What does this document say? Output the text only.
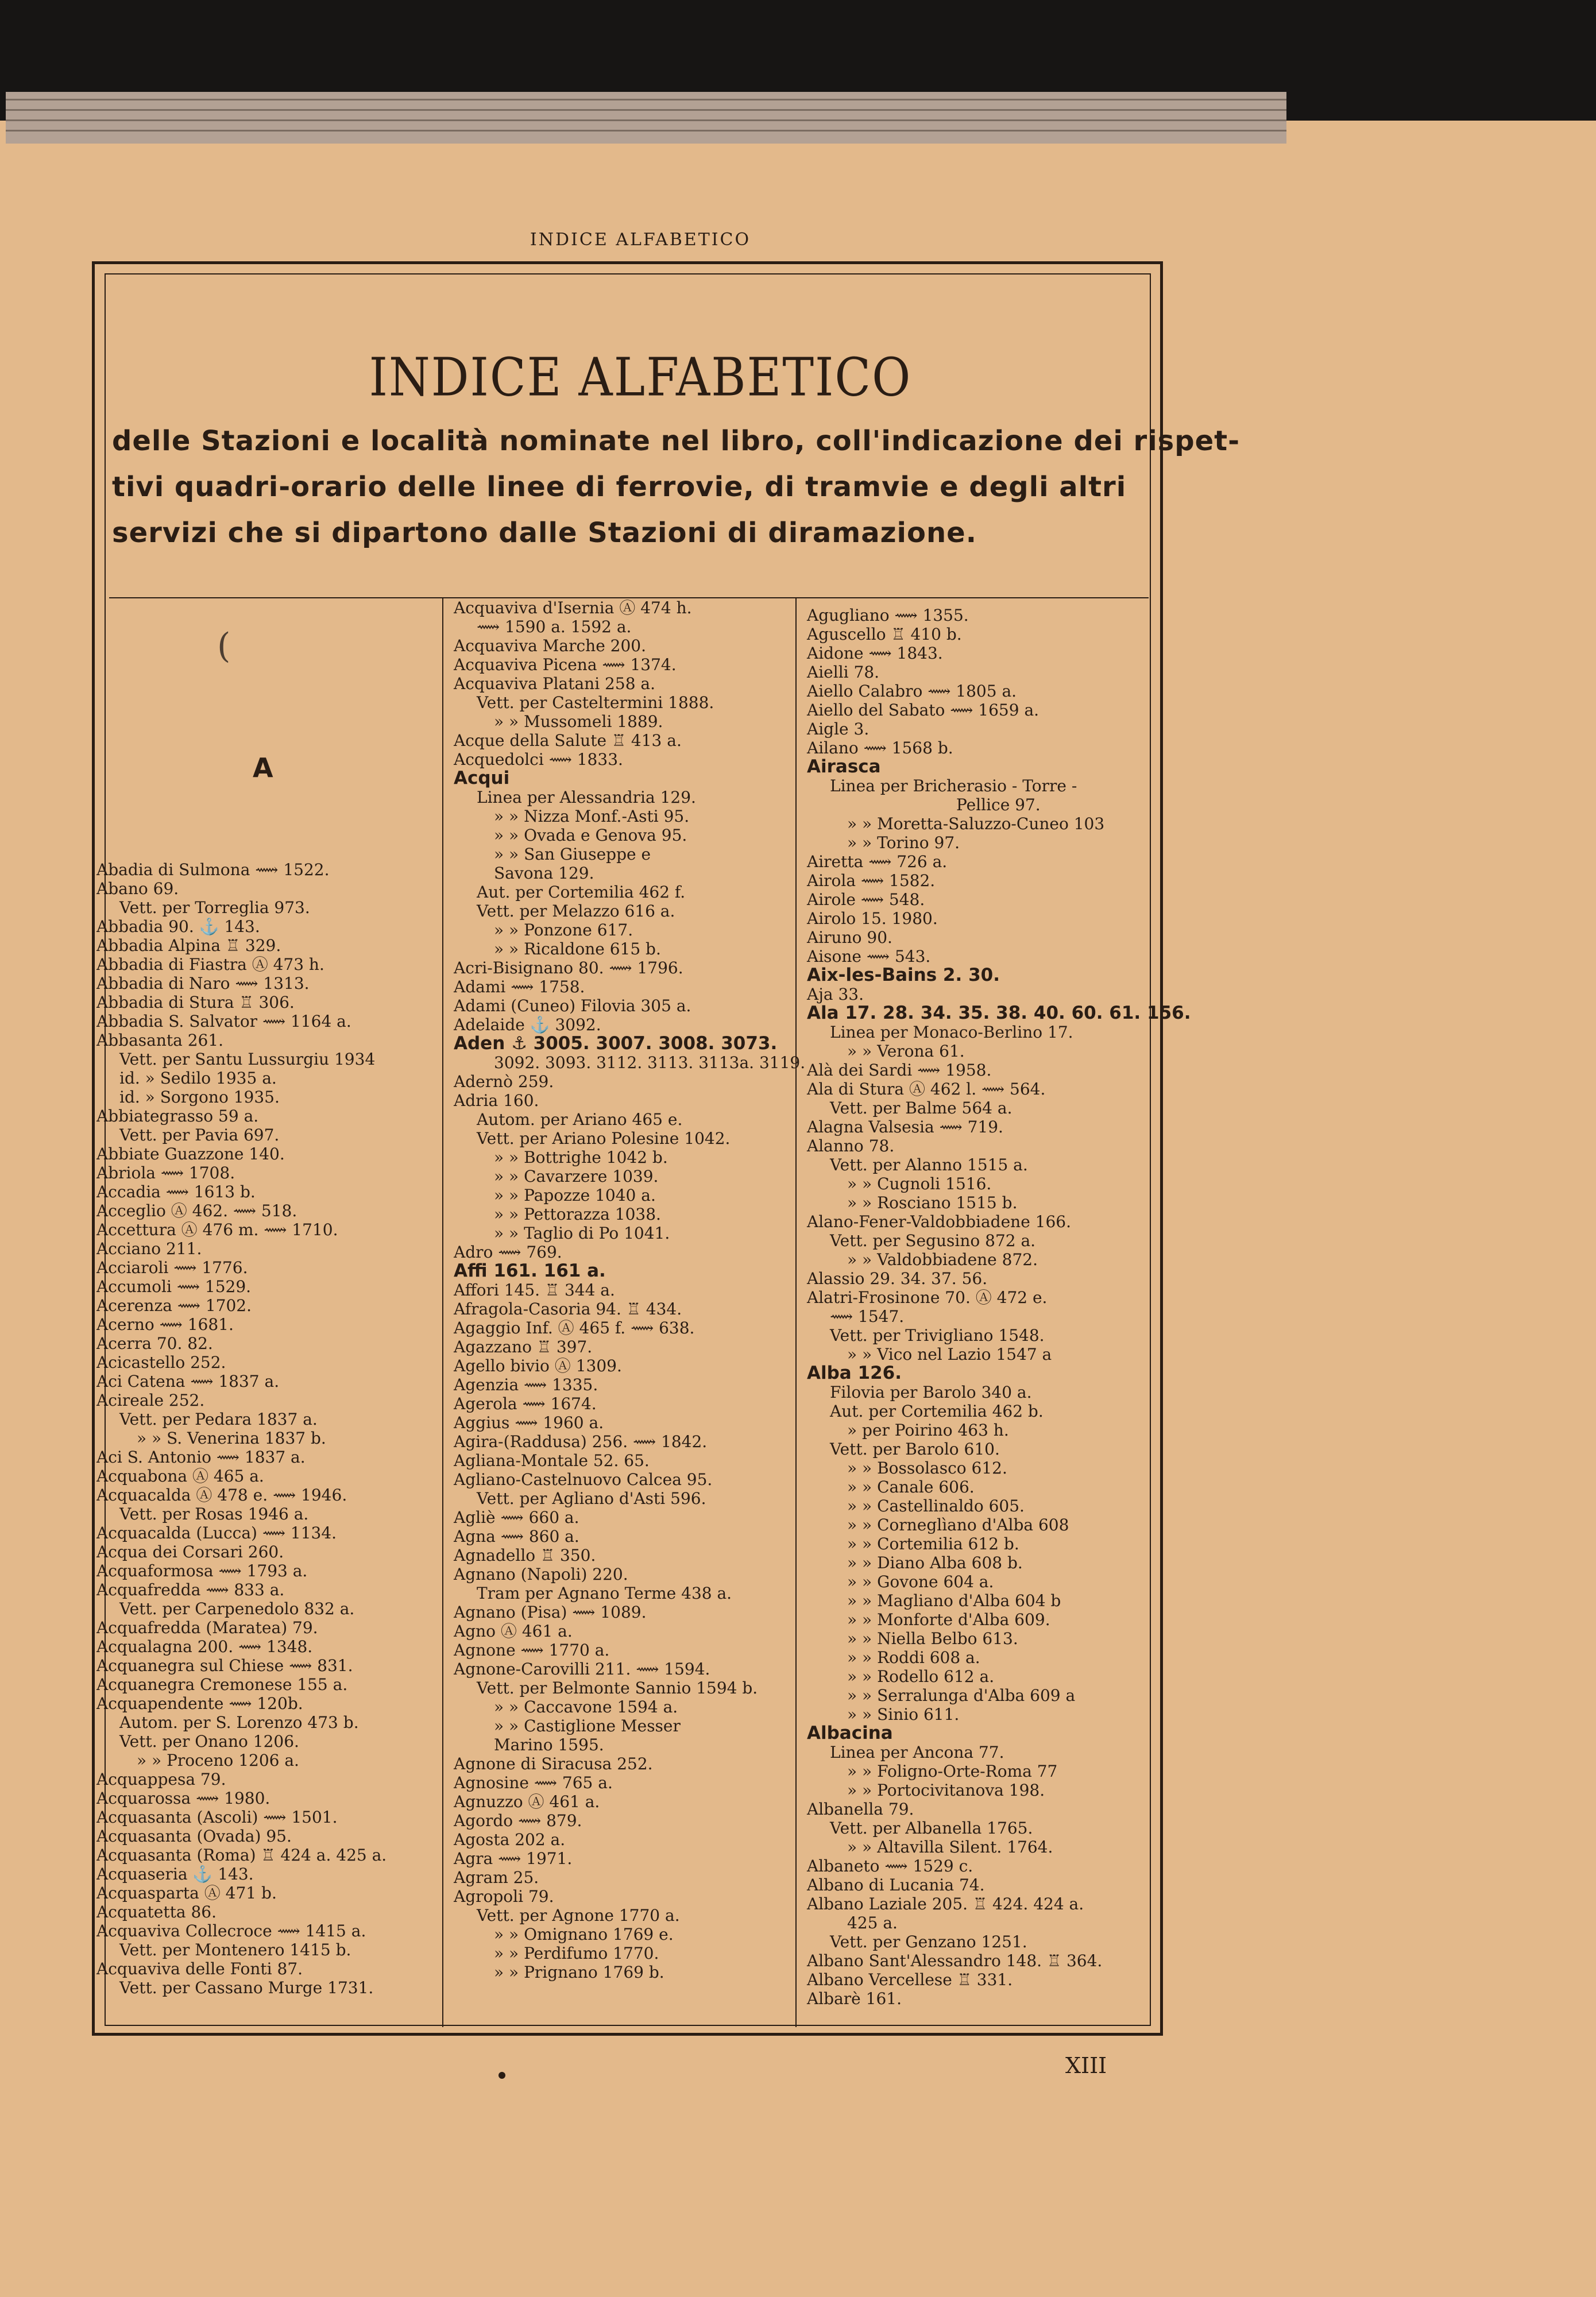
INDICE ALFABETICO
INDICE ALFABETICO
delle Stazioni e località nominate nel libro, coll'indicazione dei rispet-
tivi quadri-orario delle linee di ferrovie, di tramvie e degli altri
servizi che si dipartono dalle Stazioni di diramazione.
(
A
Abadia di Sulmona ⟿ 1522.
Abano 69.
Vett. per Torreglia 973.
Abbadia 90. ⚓ 143.
Abbadia Alpina ♖ 329.
Abbadia di Fiastra Ⓐ 473 h.
Abbadia di Naro ⟿ 1313.
Abbadia di Stura ♖ 306.
Abbadia S. Salvator ⟿ 1164 a.
Abbasanta 261.
Vett. per Santu Lussurgiu 1934
id. » Sedilo 1935 a.
id. » Sorgono 1935.
Abbiategrasso 59 a.
Vett. per Pavia 697.
Abbiate Guazzone 140.
Abriola ⟿ 1708.
Accadia ⟿ 1613 b.
Acceglio Ⓐ 462. ⟿ 518.
Accettura Ⓐ 476 m. ⟿ 1710.
Acciano 211.
Acciaroli ⟿ 1776.
Accumoli ⟿ 1529.
Acerenza ⟿ 1702.
Acerno ⟿ 1681.
Acerra 70. 82.
Acicastello 252.
Aci Catena ⟿ 1837 a.
Acireale 252.
Vett. per Pedara 1837 a.
» » S. Venerina 1837 b.
Aci S. Antonio ⟿ 1837 a.
Acquabona Ⓐ 465 a.
Acquacalda Ⓐ 478 e. ⟿ 1946.
Vett. per Rosas 1946 a.
Acquacalda (Lucca) ⟿ 1134.
Acqua dei Corsari 260.
Acquaformosa ⟿ 1793 a.
Acquafredda ⟿ 833 a.
Vett. per Carpenedolo 832 a.
Acquafredda (Maratea) 79.
Acqualagna 200. ⟿ 1348.
Acquanegra sul Chiese ⟿ 831.
Acquanegra Cremonese 155 a.
Acquapendente ⟿ 120b.
Autom. per S. Lorenzo 473 b.
Vett. per Onano 1206.
» » Proceno 1206 a.
Acquappesa 79.
Acquarossa ⟿ 1980.
Acquasanta (Ascoli) ⟿ 1501.
Acquasanta (Ovada) 95.
Acquasanta (Roma) ♖ 424 a. 425 a.
Acquaseria ⚓ 143.
Acquasparta Ⓐ 471 b.
Acquatetta 86.
Acquaviva Collecroce ⟿ 1415 a.
Vett. per Montenero 1415 b.
Acquaviva delle Fonti 87.
Vett. per Cassano Murge 1731.
Acquaviva d'Isernia Ⓐ 474 h.
⟿ 1590 a. 1592 a.
Acquaviva Marche 200.
Acquaviva Picena ⟿ 1374.
Acquaviva Platani 258 a.
Vett. per Casteltermini 1888.
» » Mussomeli 1889.
Acque della Salute ♖ 413 a.
Acquedolci ⟿ 1833.
Acqui
Linea per Alessandria 129.
» » Nizza Monf.-Asti 95.
» » Ovada e Genova 95.
» » San Giuseppe e
Savona 129.
Aut. per Cortemilia 462 f.
Vett. per Melazzo 616 a.
» » Ponzone 617.
» » Ricaldone 615 b.
Acri-Bisignano 80. ⟿ 1796.
Adami ⟿ 1758.
Adami (Cuneo) Filovia 305 a.
Adelaide ⚓ 3092.
Aden ⚓ 3005. 3007. 3008. 3073.
3092. 3093. 3112. 3113. 3113a. 3119.
Adernò 259.
Adria 160.
Autom. per Ariano 465 e.
Vett. per Ariano Polesine 1042.
» » Bottrighe 1042 b.
» » Cavarzere 1039.
» » Papozze 1040 a.
» » Pettorazza 1038.
» » Taglio di Po 1041.
Adro ⟿ 769.
Affi 161. 161 a.
Affori 145. ♖ 344 a.
Afragola-Casoria 94. ♖ 434.
Agaggio Inf. Ⓐ 465 f. ⟿ 638.
Agazzano ♖ 397.
Agello bivio Ⓐ 1309.
Agenzia ⟿ 1335.
Agerola ⟿ 1674.
Aggius ⟿ 1960 a.
Agira-(Raddusa) 256. ⟿ 1842.
Agliana-Montale 52. 65.
Agliano-Castelnuovo Calcea 95.
Vett. per Agliano d'Asti 596.
Agliè ⟿ 660 a.
Agna ⟿ 860 a.
Agnadello ♖ 350.
Agnano (Napoli) 220.
Tram per Agnano Terme 438 a.
Agnano (Pisa) ⟿ 1089.
Agno Ⓐ 461 a.
Agnone ⟿ 1770 a.
Agnone-Carovilli 211. ⟿ 1594.
Vett. per Belmonte Sannio 1594 b.
» » Caccavone 1594 a.
» » Castiglione Messer
Marino 1595.
Agnone di Siracusa 252.
Agnosine ⟿ 765 a.
Agnuzzo Ⓐ 461 a.
Agordo ⟿ 879.
Agosta 202 a.
Agra ⟿ 1971.
Agram 25.
Agropoli 79.
Vett. per Agnone 1770 a.
» » Omignano 1769 e.
» » Perdifumo 1770.
» » Prignano 1769 b.
Agugliano ⟿ 1355.
Aguscello ♖ 410 b.
Aidone ⟿ 1843.
Aielli 78.
Aiello Calabro ⟿ 1805 a.
Aiello del Sabato ⟿ 1659 a.
Aigle 3.
Ailano ⟿ 1568 b.
Airasca
Linea per Bricherasio - Torre -
Pellice 97.
» » Moretta-Saluzzo-Cuneo 103
» » Torino 97.
Airetta ⟿ 726 a.
Airola ⟿ 1582.
Airole ⟿ 548.
Airolo 15. 1980.
Airuno 90.
Aisone ⟿ 543.
Aix-les-Bains 2. 30.
Aja 33.
Ala 17. 28. 34. 35. 38. 40. 60. 61. 156.
Linea per Monaco-Berlino 17.
» » Verona 61.
Alà dei Sardi ⟿ 1958.
Ala di Stura Ⓐ 462 l. ⟿ 564.
Vett. per Balme 564 a.
Alagna Valsesia ⟿ 719.
Alanno 78.
Vett. per Alanno 1515 a.
» » Cugnoli 1516.
» » Rosciano 1515 b.
Alano-Fener-Valdobbiadene 166.
Vett. per Segusino 872 a.
» » Valdobbiadene 872.
Alassio 29. 34. 37. 56.
Alatri-Frosinone 70. Ⓐ 472 e.
⟿ 1547.
Vett. per Trivigliano 1548.
» » Vico nel Lazio 1547 a
Alba 126.
Filovia per Barolo 340 a.
Aut. per Cortemilia 462 b.
» per Poirino 463 h.
Vett. per Barolo 610.
» » Bossolasco 612.
» » Canale 606.
» » Castellinaldo 605.
» » Corneglìano d'Alba 608
» » Cortemilia 612 b.
» » Diano Alba 608 b.
» » Govone 604 a.
» » Magliano d'Alba 604 b
» » Monforte d'Alba 609.
» » Niella Belbo 613.
» » Roddi 608 a.
» » Rodello 612 a.
» » Serralunga d'Alba 609 a
» » Sinio 611.
Albacina
Linea per Ancona 77.
» » Foligno-Orte-Roma 77
» » Portocivitanova 198.
Albanella 79.
Vett. per Albanella 1765.
» » Altavilla Silent. 1764.
Albaneto ⟿ 1529 c.
Albano di Lucania 74.
Albano Laziale 205. ♖ 424. 424 a.
425 a.
Vett. per Genzano 1251.
Albano Sant'Alessandro 148. ♖ 364.
Albano Vercellese ♖ 331.
Albarè 161.
XIII
